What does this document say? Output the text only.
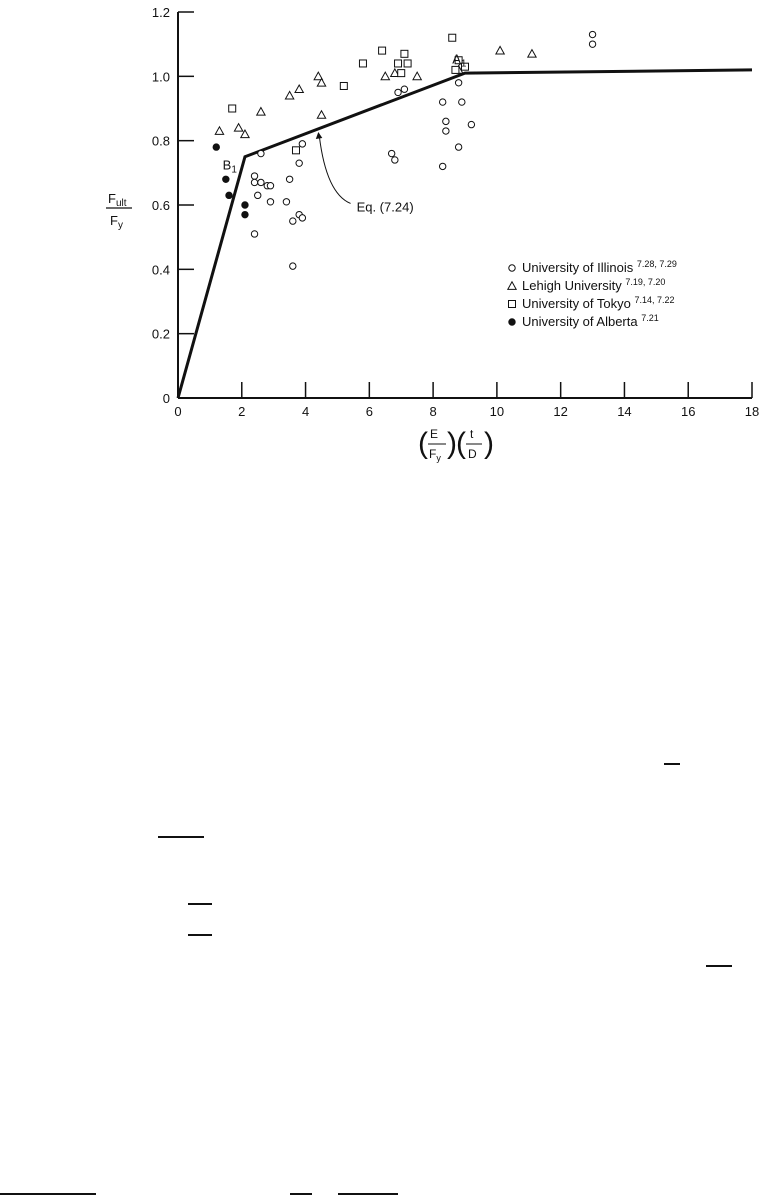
0
0.2
0.4
0.6
0.8
1.0
1.2
0	2	4	6	8	10	12	14	16	18
Eq. (7.24)
$A_1$
$B_1$
University of Illinois $^{7.28, 7.29}$
Lehigh University $^{7.19, 7.20}$
University of Tokyo $^{7.14, 7.22}$
University of Alberta $^{7.21}$
$F_{ult}$
$F_y$
( E
$F_y$ ) ( t
D )
